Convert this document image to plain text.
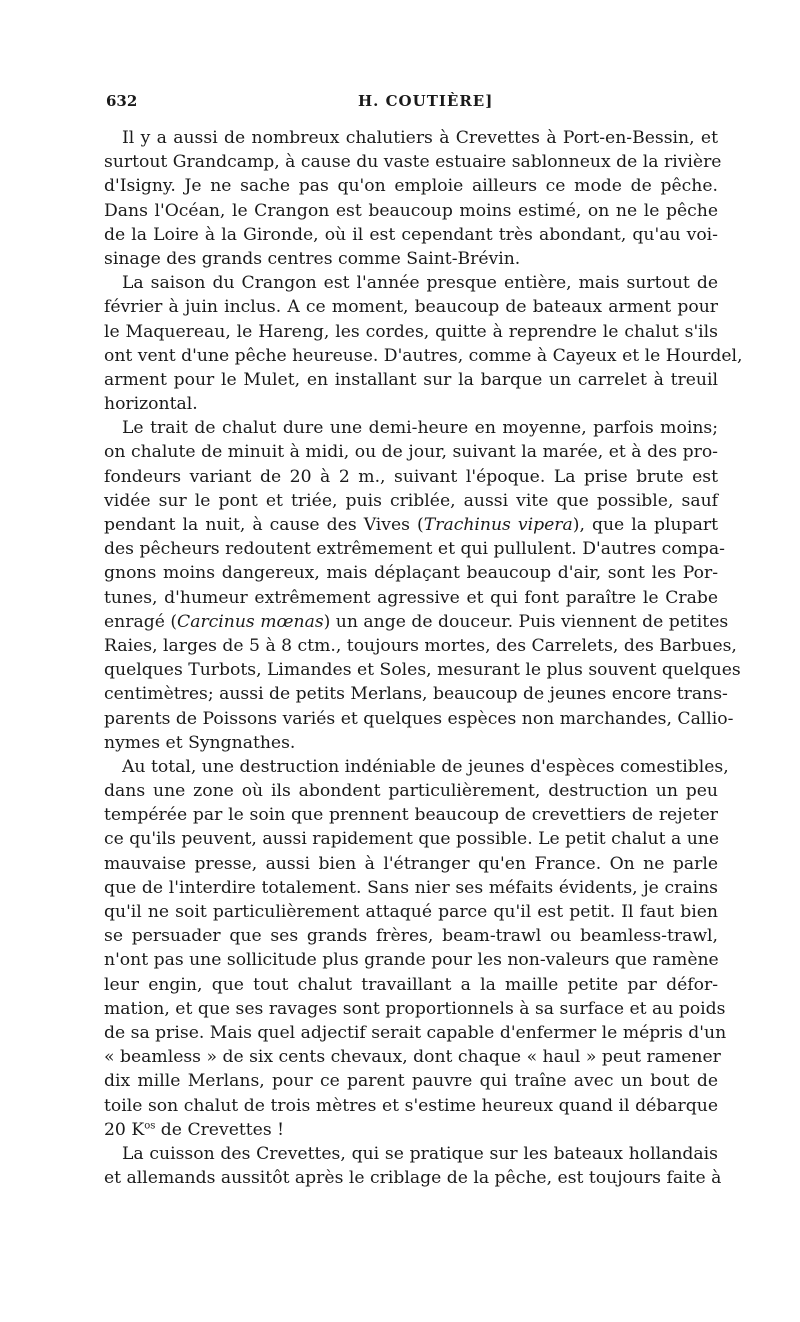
632	H. COUTIÈRE]
Il y a aussi de nombreux chalutiers à Crevettes à Port-en-Bessin, et
surtout Grandcamp, à cause du vaste estuaire sablonneux de la rivière
d'Isigny. Je ne sache pas qu'on emploie ailleurs ce mode de pêche.
Dans l'Océan, le Crangon est beaucoup moins estimé, on ne le pêche
de la Loire à la Gironde, où il est cependant très abondant, qu'au voi-
sinage des grands centres comme Saint-Brévin.
La saison du Crangon est l'année presque entière, mais surtout de
février à juin inclus. A ce moment, beaucoup de bateaux arment pour
le Maquereau, le Hareng, les cordes, quitte à reprendre le chalut s'ils
ont vent d'une pêche heureuse. D'autres, comme à Cayeux et le Hourdel,
arment pour le Mulet, en installant sur la barque un carrelet à treuil
horizontal.
Le trait de chalut dure une demi-heure en moyenne, parfois moins;
on chalute de minuit à midi, ou de jour, suivant la marée, et à des pro-
fondeurs variant de 20 à 2 m., suivant l'époque. La prise brute est
vidée sur le pont et triée, puis criblée, aussi vite que possible, sauf
pendant la nuit, à cause des Vives (Trachinus vipera), que la plupart
des pêcheurs redoutent extrêmement et qui pullulent. D'autres compa-
gnons moins dangereux, mais déplaçant beaucoup d'air, sont les Por-
tunes, d'humeur extrêmement agressive et qui font paraître le Crabe
enragé (Carcinus mœnas) un ange de douceur. Puis viennent de petites
Raies, larges de 5 à 8 ctm., toujours mortes, des Carrelets, des Barbues,
quelques Turbots, Limandes et Soles, mesurant le plus souvent quelques
centimètres; aussi de petits Merlans, beaucoup de jeunes encore trans-
parents de Poissons variés et quelques espèces non marchandes, Callio-
nymes et Syngnathes.
Au total, une destruction indéniable de jeunes d'espèces comestibles,
dans une zone où ils abondent particulièrement, destruction un peu
tempérée par le soin que prennent beaucoup de crevettiers de rejeter
ce qu'ils peuvent, aussi rapidement que possible. Le petit chalut a une
mauvaise presse, aussi bien à l'étranger qu'en France. On ne parle
que de l'interdire totalement. Sans nier ses méfaits évidents, je crains
qu'il ne soit particulièrement attaqué parce qu'il est petit. Il faut bien
se persuader que ses grands frères, beam-trawl ou beamless-trawl,
n'ont pas une sollicitude plus grande pour les non-valeurs que ramène
leur engin, que tout chalut travaillant a la maille petite par défor-
mation, et que ses ravages sont proportionnels à sa surface et au poids
de sa prise. Mais quel adjectif serait capable d'enfermer le mépris d'un
« beamless » de six cents chevaux, dont chaque « haul » peut ramener
dix mille Merlans, pour ce parent pauvre qui traîne avec un bout de
toile son chalut de trois mètres et s'estime heureux quand il débarque
20 $K^{os}$ de Crevettes !
La cuisson des Crevettes, qui se pratique sur les bateaux hollandais
et allemands aussitôt après le criblage de la pêche, est toujours faite à
